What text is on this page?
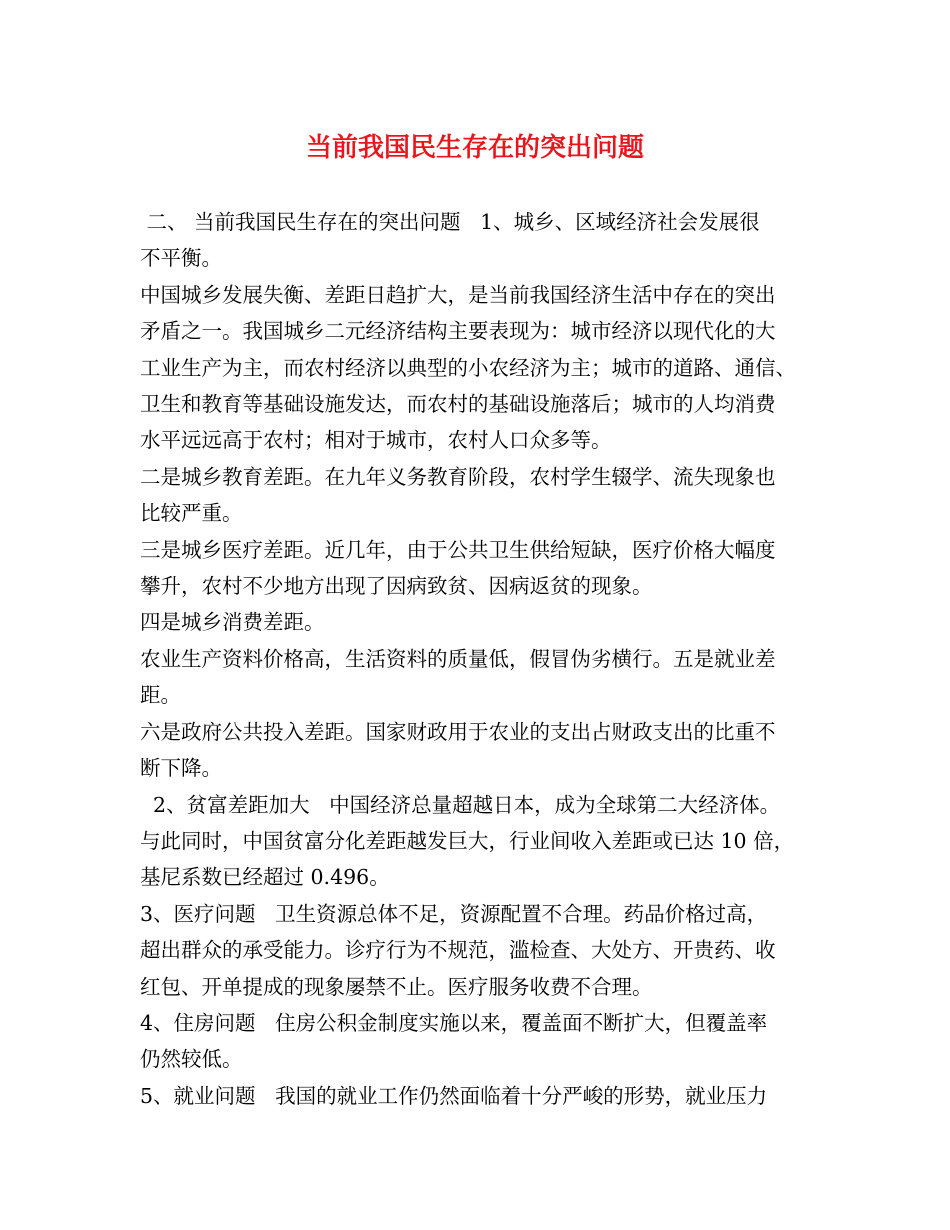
当前我国民生存在的突出问题
二、 当前我国民生存在的突出问题   1、城乡、区域经济社会发展很
不平衡。
中国城乡发展失衡、差距日趋扩大，是当前我国经济生活中存在的突出
矛盾之一。我国城乡二元经济结构主要表现为：城市经济以现代化的大
工业生产为主，而农村经济以典型的小农经济为主；城市的道路、通信、
卫生和教育等基础设施发达，而农村的基础设施落后；城市的人均消费
水平远远高于农村；相对于城市，农村人口众多等。
二是城乡教育差距。在九年义务教育阶段，农村学生辍学、流失现象也
比较严重。
三是城乡医疗差距。近几年，由于公共卫生供给短缺，医疗价格大幅度
攀升，农村不少地方出现了因病致贫、因病返贫的现象。
四是城乡消费差距。
农业生产资料价格高，生活资料的质量低，假冒伪劣横行。五是就业差
距。
六是政府公共投入差距。国家财政用于农业的支出占财政支出的比重不
断下降。
2、贫富差距加大   中国经济总量超越日本，成为全球第二大经济体。
与此同时，中国贫富分化差距越发巨大，行业间收入差距或已达 10 倍，
基尼系数已经超过 0.496。
3、医疗问题   卫生资源总体不足，资源配置不合理。药品价格过高，
超出群众的承受能力。诊疗行为不规范，滥检查、大处方、开贵药、收
红包、开单提成的现象屡禁不止。医疗服务收费不合理。
4、住房问题   住房公积金制度实施以来，覆盖面不断扩大，但覆盖率
仍然较低。
5、就业问题   我国的就业工作仍然面临着十分严峻的形势，就业压力
